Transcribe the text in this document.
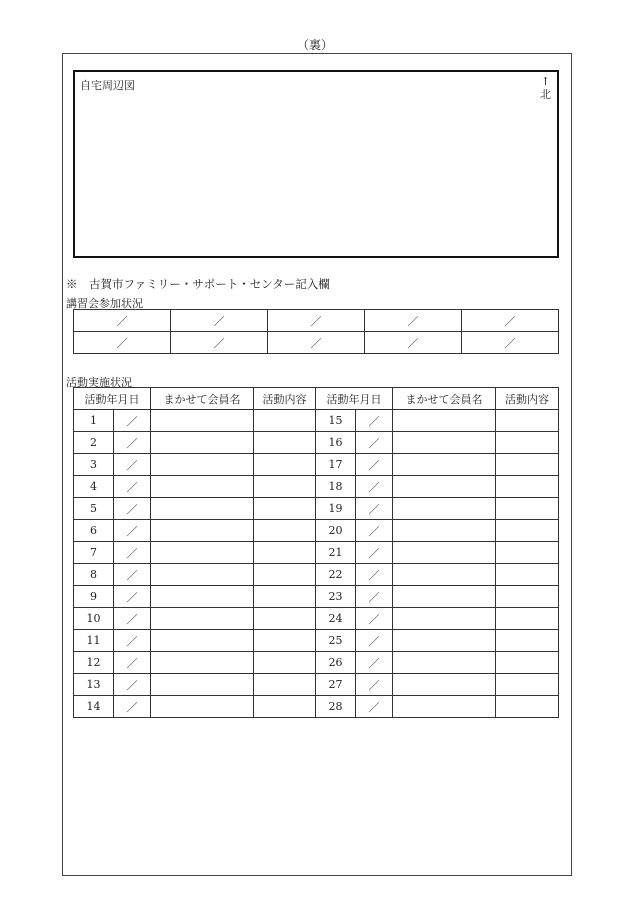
（裏）
自宅周辺図	↑
北
※　古賀市ファミリー・サポート・センター記入欄
講習会参加状況
／	／	／	／	／
／	／	／	／	／
活動実施状況
活動年月日		まかせて会員名	活動内容	活動年月日		まかせて会員名	活動内容
1	／			15	／		
2	／			16	／		
3	／			17	／		
4	／			18	／		
5	／			19	／		
6	／			20	／		
7	／			21	／		
8	／			22	／		
9	／			23	／		
10	／			24	／		
11	／			25	／		
12	／			26	／		
13	／			27	／		
14	／			28	／		
